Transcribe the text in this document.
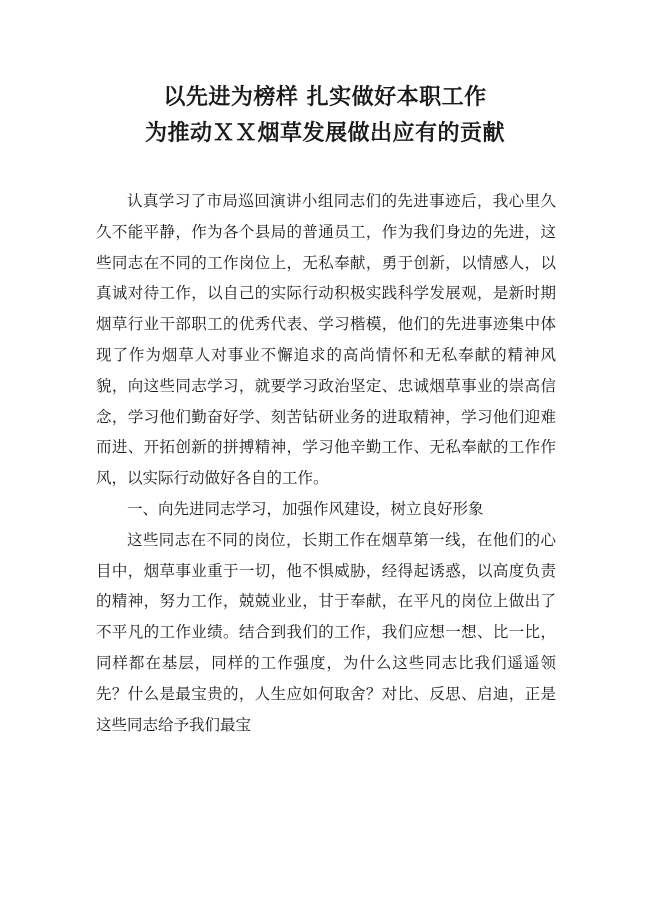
以先进为榜样 扎实做好本职工作

为推动ＸＸ烟草发展做出应有的贡献

认真学习了市局巡回演讲小组同志们的先进事迹后，我心里久久不能平静，作为各个县局的普通员工，作为我们身边的先进，这些同志在不同的工作岗位上，无私奉献，勇于创新，以情感人，以真诚对待工作，以自己的实际行动积极实践科学发展观，是新时期烟草行业干部职工的优秀代表、学习楷模，他们的先进事迹集中体现了作为烟草人对事业不懈追求的高尚情怀和无私奉献的精神风貌，向这些同志学习，就要学习政治坚定、忠诚烟草事业的崇高信念，学习他们勤奋好学、刻苦钻研业务的进取精神，学习他们迎难而进、开拓创新的拼搏精神，学习他辛勤工作、无私奉献的工作作风，以实际行动做好各自的工作。

一、向先进同志学习，加强作风建设，树立良好形象

这些同志在不同的岗位，长期工作在烟草第一线，在他们的心目中，烟草事业重于一切，他不惧威胁，经得起诱惑，以高度负责的精神，努力工作，兢兢业业，甘于奉献，在平凡的岗位上做出了不平凡的工作业绩。结合到我们的工作，我们应想一想、比一比，同样都在基层，同样的工作强度，为什么这些同志比我们遥遥领先？什么是最宝贵的，人生应如何取舍？对比、反思、启迪，正是这些同志给予我们最宝
